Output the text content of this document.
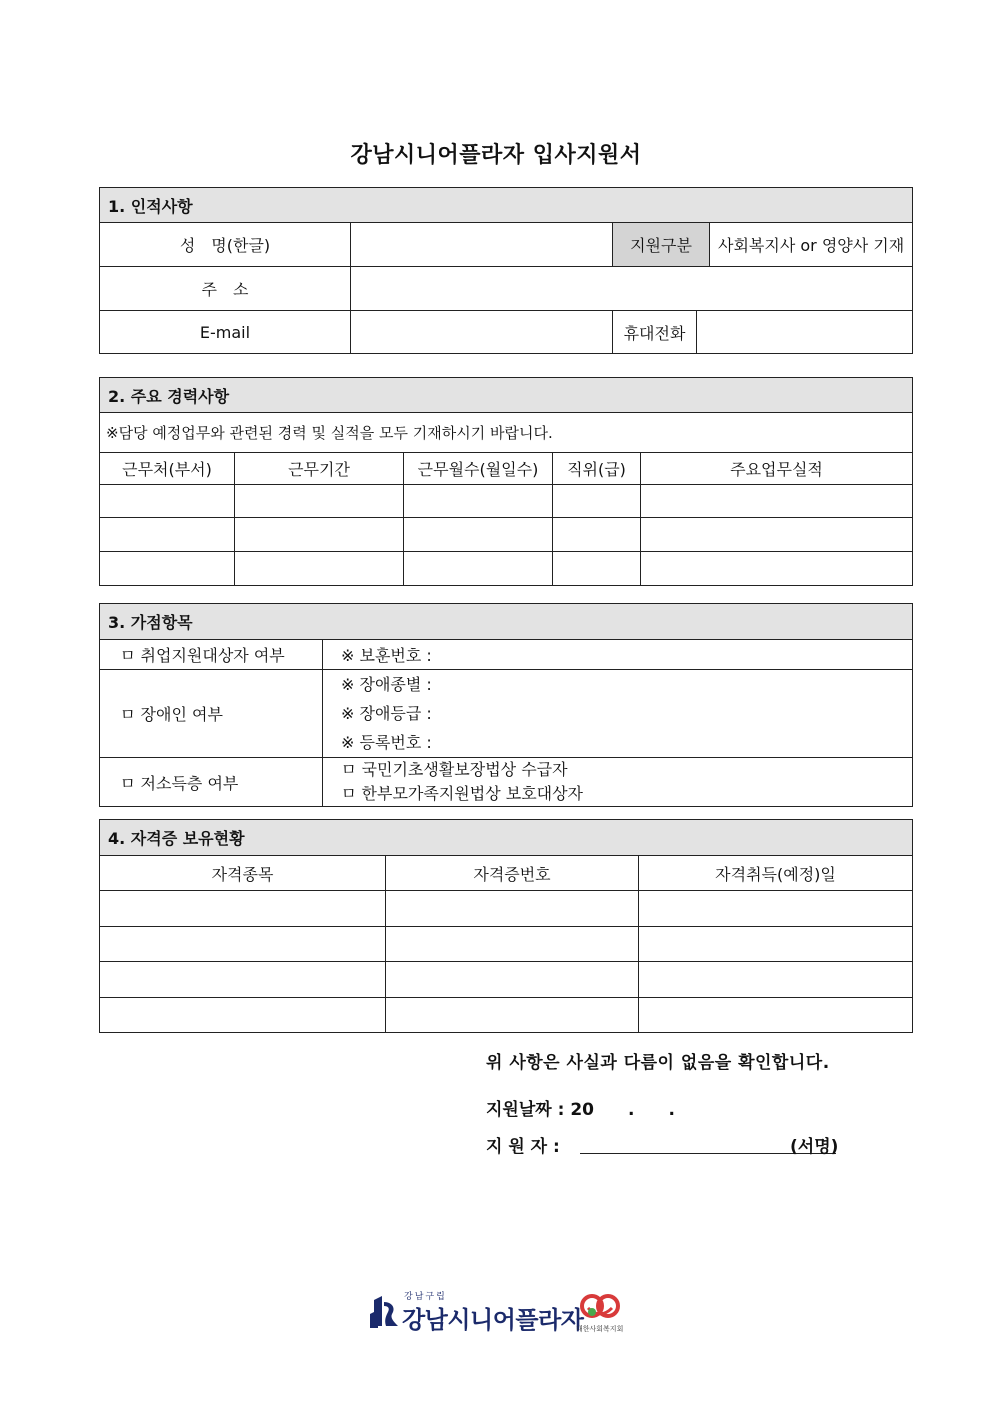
강남시니어플라자 입사지원서
1. 인적사항				
성　명(한글)		지원구분		사회복지사 or 영양사 기재
주　소				
E-mail		휴대전화		
2. 주요 경력사항				
※담당 예정업무와 관련된 경력 및 실적을 모두 기재하시기 바랍니다.				
근무처(부서)	근무기간	근무월수(월일수)	직위(급)	주요업무실적

3. 가점항목	
ㅁ 취업지원대상자 여부	※ 보훈번호 :
ㅁ 장애인 여부	※ 장애종별 :
※ 장애등급 :
※ 등록번호 :

ㅁ 저소득층 여부	ㅁ 국민기초생활보장법상 수급자
ㅁ 한부모가족지원법상 보호대상자
4. 자격증 보유현황		
자격종목	자격증번호	자격취득(예정)일

위 사항은 사실과 다름이 없음을 확인합니다.
지원날짜 : 20　　.　　.
지 원 자 :	(서명)
강남구립
강남시니어플라자
대한사회복지회
